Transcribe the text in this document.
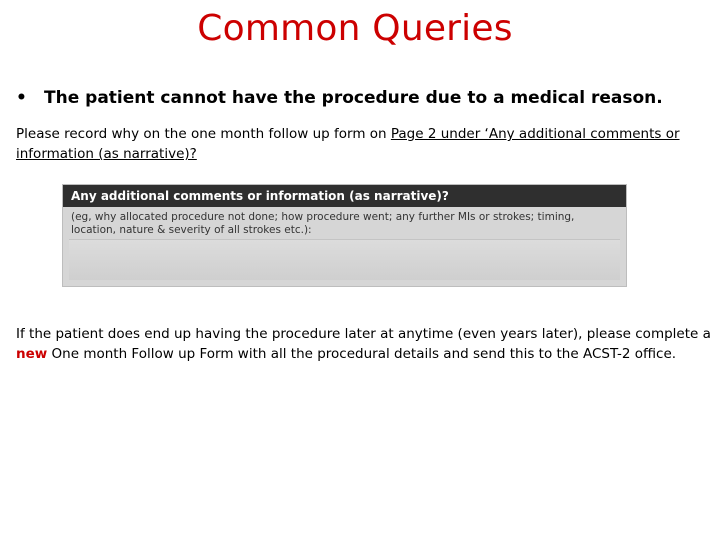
Common Queries
• The patient cannot have the procedure due to a medical reason.
Please record why on the one month follow up form on Page 2 under ‘Any additional comments or information (as narrative)?
Any additional comments or information (as narrative)?
(eg, why allocated procedure not done; how procedure went; any further MIs or strokes; timing, location, nature & severity of all strokes etc.):
If the patient does end up having the procedure later at anytime (even years later), please complete a new One month Follow up Form with all the procedural details and send this to the ACST-2 office.
